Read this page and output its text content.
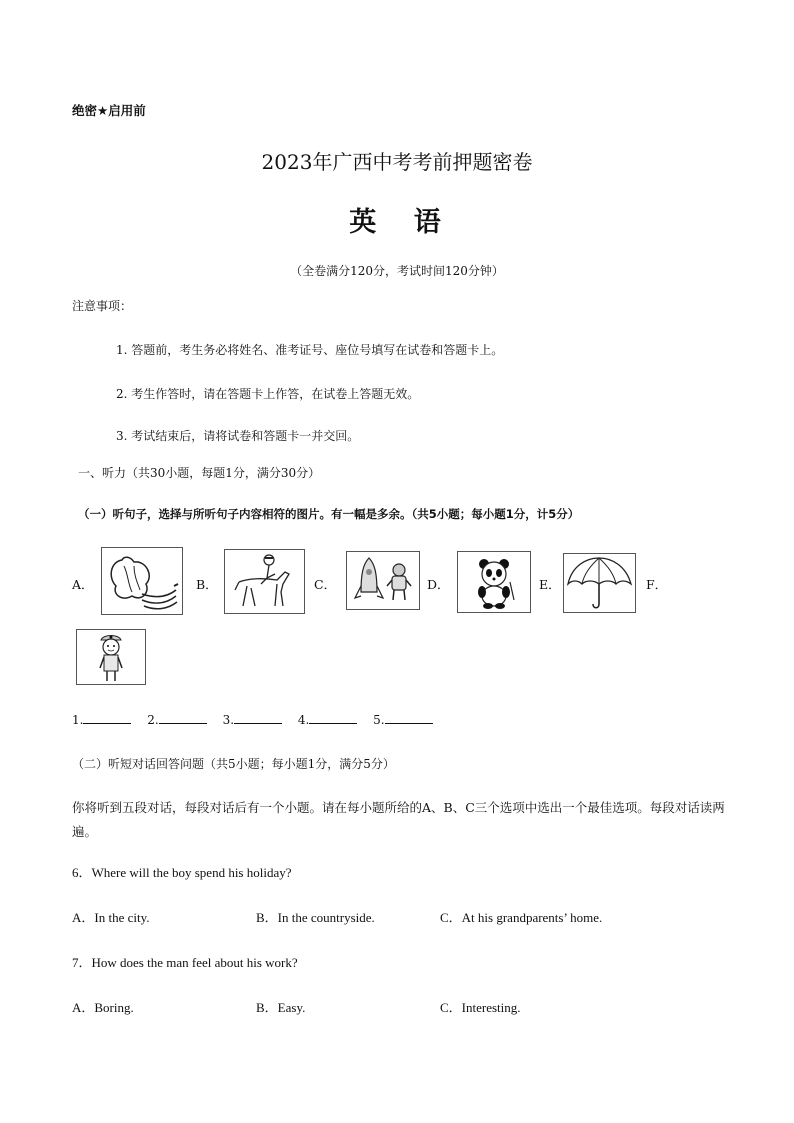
绝密★启用前
2023年广西中考考前押题密卷
英 语
（全卷满分120分，考试时间120分钟）
注意事项：
1. 答题前，考生务必将姓名、准考证号、座位号填写在试卷和答题卡上。
2. 考生作答时，请在答题卡上作答，在试卷上答题无效。
3. 考试结束后，请将试卷和答题卡一并交回。
一、听力（共30小题，每题1分，满分30分）
（一）听句子，选择与所听句子内容相符的图片。有一幅是多余。（共5小题；每小题1分，计5分）
A．	B．	C．	D．	E．	F．
1.	2.	3.	4.	5.
（二）听短对话回答问题（共5小题；每小题1分，满分5分）
你将听到五段对话，每段对话后有一个小题。请在每小题所给的A、B、C三个选项中选出一个最佳选项。每段对话读两遍。
6．Where will the boy spend his holiday?
A．In the city.	B．In the countryside.	C．At his grandparents’ home.
7．How does the man feel about his work?
A．Boring.	B．Easy.	C．Interesting.
